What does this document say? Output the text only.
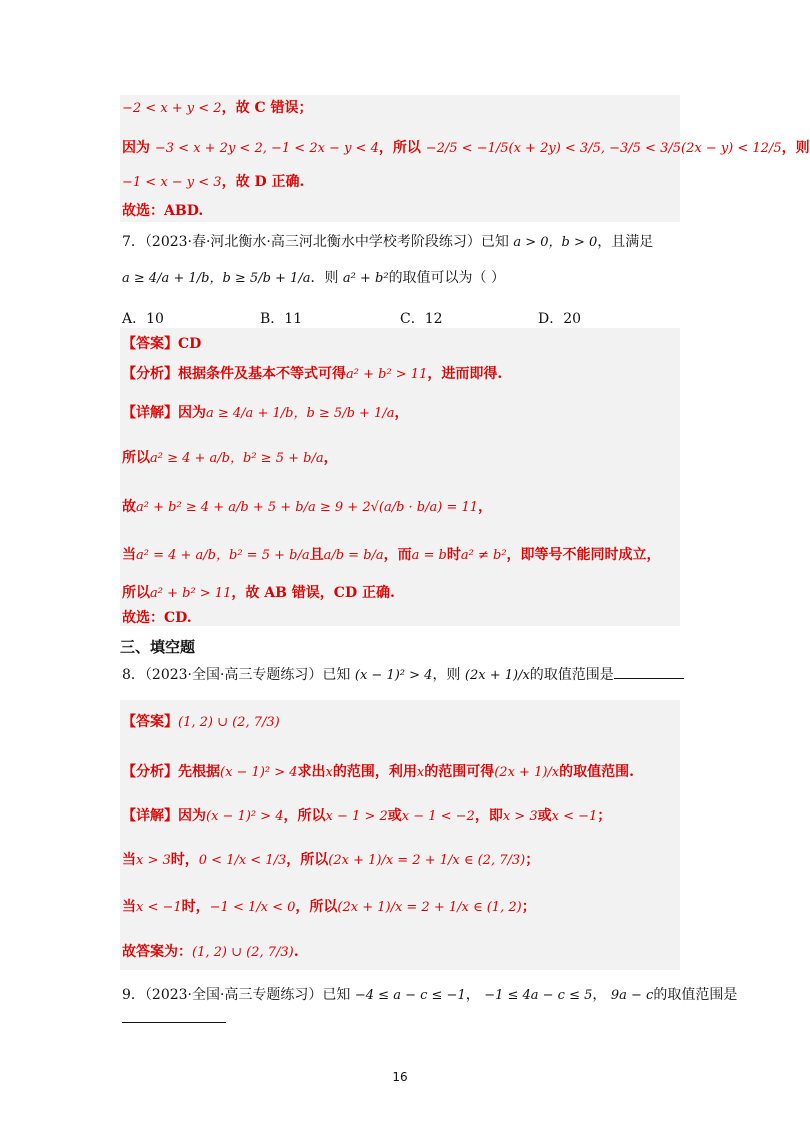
−2 < x + y < 2，故 C 错误；
因为 −3 < x + 2y < 2, −1 < 2x − y < 4，所以 −2/5 < −1/5(x + 2y) < 3/5, −3/5 < 3/5(2x − y) < 12/5，则
−1 < x − y < 3，故 D 正确.
故选：ABD.
7．（2023·春·河北衡水·高三河北衡水中学校考阶段练习）已知 a > 0，b > 0，且满足
a ≥ 4/a + 1/b，b ≥ 5/b + 1/a．则 a² + b²的取值可以为（ ）
A．10	B．11	C．12	D．20
【答案】CD
【分析】根据条件及基本不等式可得a² + b² > 11，进而即得.
【详解】因为a ≥ 4/a + 1/b，b ≥ 5/b + 1/a，
所以a² ≥ 4 + a/b，b² ≥ 5 + b/a，
故a² + b² ≥ 4 + a/b + 5 + b/a ≥ 9 + 2√(a/b · b/a) = 11，
当a² = 4 + a/b，b² = 5 + b/a且a/b = b/a，而a = b时a² ≠ b²，即等号不能同时成立，
所以a² + b² > 11，故 AB 错误，CD 正确.
故选：CD.
三、填空题
8．（2023·全国·高三专题练习）已知 (x − 1)² > 4，则 (2x + 1)/x的取值范围是
【答案】(1, 2) ∪ (2, 7/3)
【分析】先根据(x − 1)² > 4求出x的范围，利用x的范围可得(2x + 1)/x的取值范围.
【详解】因为(x − 1)² > 4，所以x − 1 > 2或x − 1 < −2，即x > 3或x < −1；
当x > 3时，0 < 1/x < 1/3，所以(2x + 1)/x = 2 + 1/x ∈ (2, 7/3)；
当x < −1时，−1 < 1/x < 0，所以(2x + 1)/x = 2 + 1/x ∈ (1, 2)；
故答案为：(1, 2) ∪ (2, 7/3).
9．（2023·全国·高三专题练习）已知 −4 ≤ a − c ≤ −1， −1 ≤ 4a − c ≤ 5， 9a − c的取值范围是
16
